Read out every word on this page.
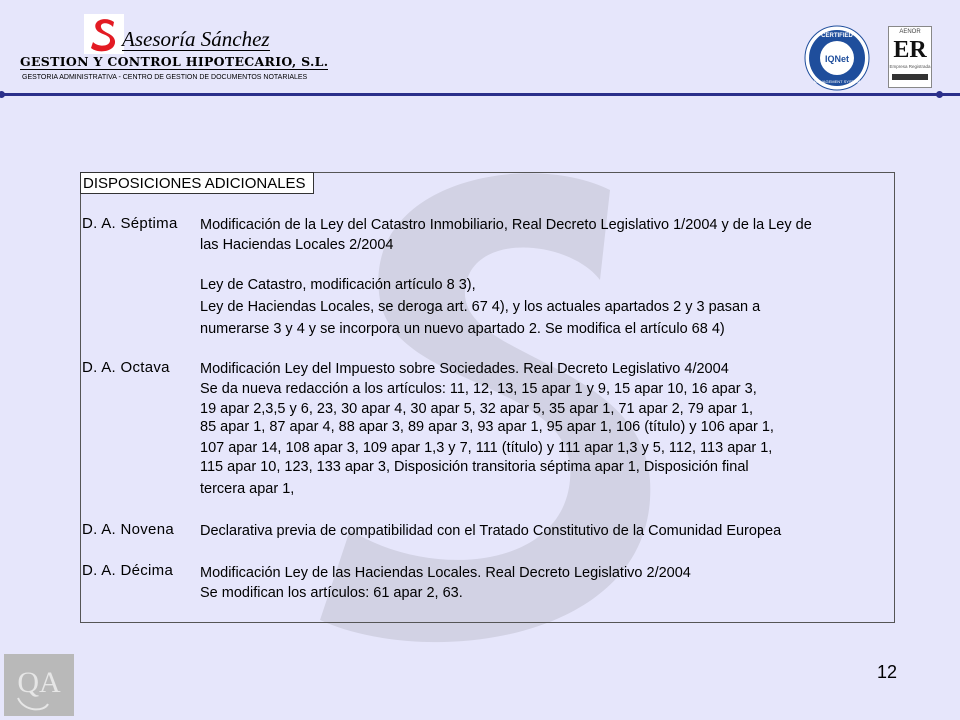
Asesoría Sánchez
GESTION Y CONTROL HIPOTECARIO, S.L.
GESTORIA ADMINISTRATIVA - CENTRO DE GESTION DE DOCUMENTOS NOTARIALES
CERTIFIED
IQNet
MANAGEMENT SYSTEM
AENOR
ER
Empresa Registrada
DISPOSICIONES ADICIONALES
D. A. Séptima Modificación de la Ley del Catastro Inmobiliario, Real Decreto Legislativo 1/2004 y de la Ley de
las Haciendas Locales 2/2004
Ley de Catastro, modificación artículo 8 3),
Ley de Haciendas Locales, se deroga art. 67 4), y los actuales apartados 2 y 3 pasan a
numerarse 3 y 4 y se incorpora un nuevo apartado 2. Se modifica el artículo 68 4)
D. A. Octava Modificación Ley del Impuesto sobre Sociedades. Real Decreto Legislativo 4/2004
Se da nueva redacción a los artículos: 11, 12, 13, 15 apar 1 y 9, 15 apar 10, 16 apar 3,
19 apar 2,3,5 y 6, 23, 30 apar 4, 30 apar 5, 32 apar 5, 35 apar 1, 71 apar 2, 79 apar 1,
85 apar 1, 87 apar 4, 88 apar 3, 89 apar 3, 93 apar 1, 95 apar 1, 106 (título) y 106 apar 1,
107 apar 14, 108 apar 3, 109 apar 1,3 y 7, 111 (título) y 111 apar 1,3 y 5, 112, 113 apar 1,
115 apar 10, 123, 133 apar 3, Disposición transitoria séptima apar 1, Disposición final
tercera apar 1,
D. A. Novena Declarativa previa de compatibilidad con el Tratado Constitutivo de la Comunidad Europea
D. A. Décima Modificación Ley de las Haciendas Locales. Real Decreto Legislativo 2/2004
Se modifican los artículos: 61 apar 2, 63.
QA	12
